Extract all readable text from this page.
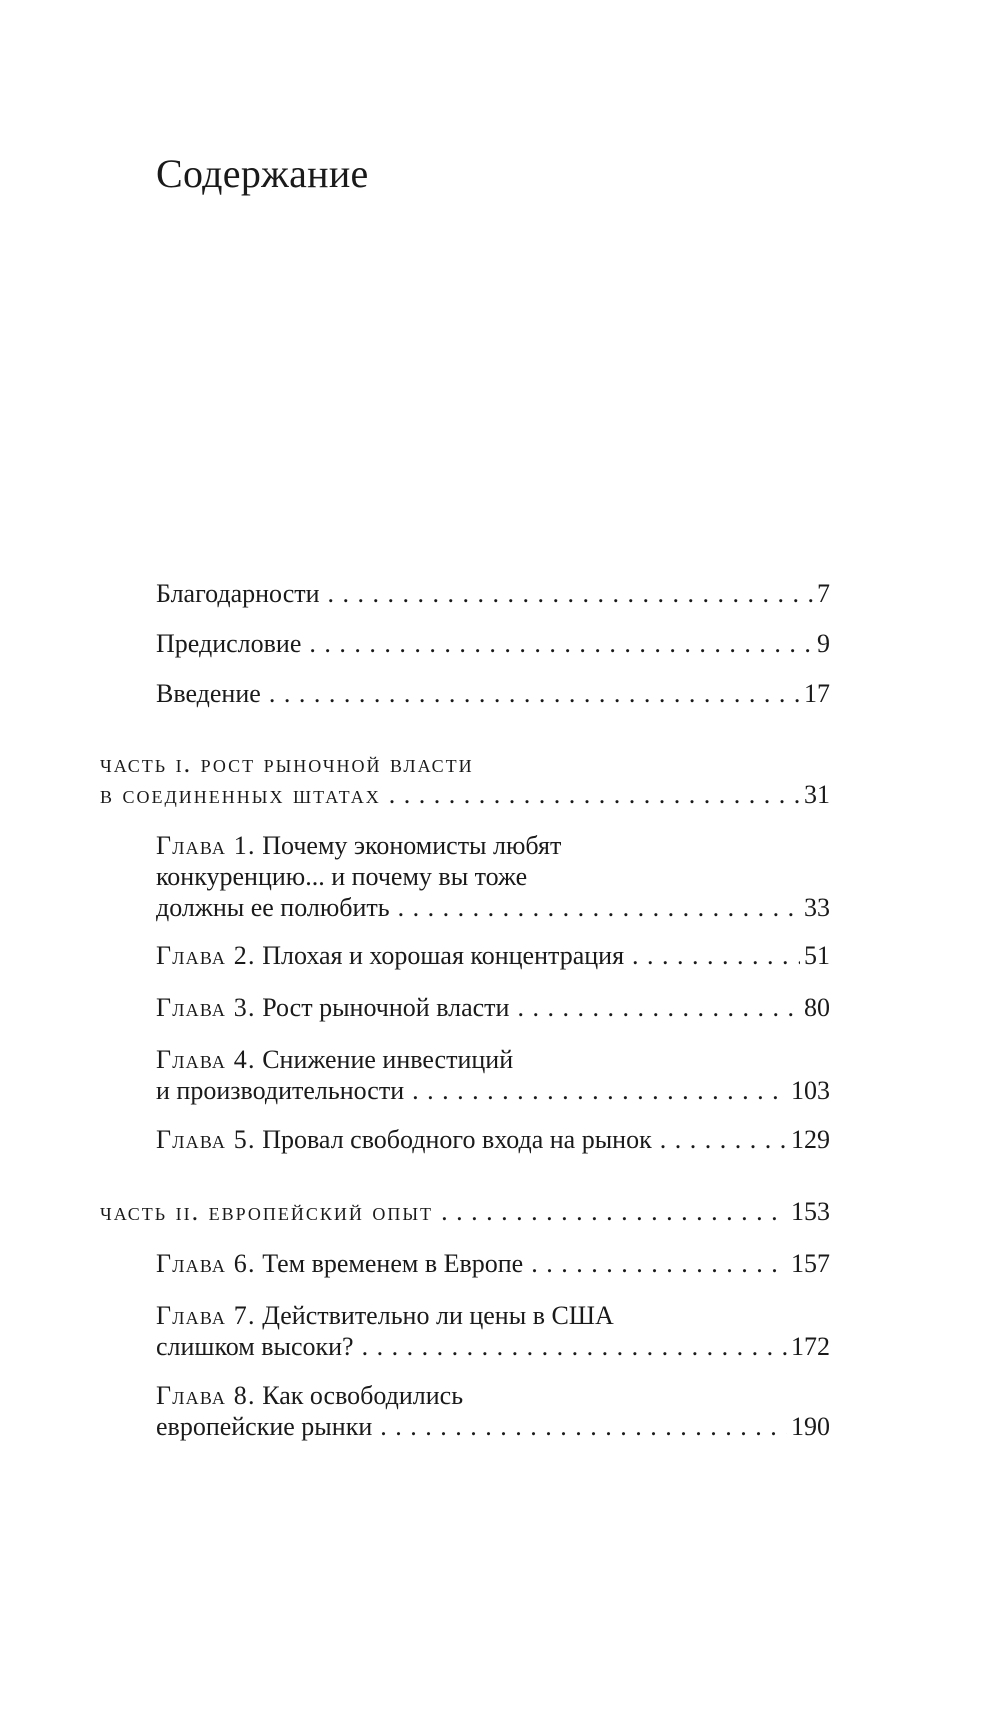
Содержание
Благодарности . . .	7
Предисловие . . .	9
Введение . . .	17
часть i. рост рыночной власти
в соединенных штатах . . .	31
Глава 1. Почему экономисты любят
конкуренцию... и почему вы тоже
должны ее полюбить . . .	33
Глава 2. Плохая и хорошая концентрация . . .	51
Глава 3. Рост рыночной власти . . .	80
Глава 4. Снижение инвестиций
и производительности . . .	103
Глава 5. Провал свободного входа на рынок . . .	129
часть ii. европейский опыт . . .	153
Глава 6. Тем временем в Европе . . .	157
Глава 7. Действительно ли цены в США
слишком высоки? . . .	172
Глава 8. Как освободились
европейские рынки . . .	190
